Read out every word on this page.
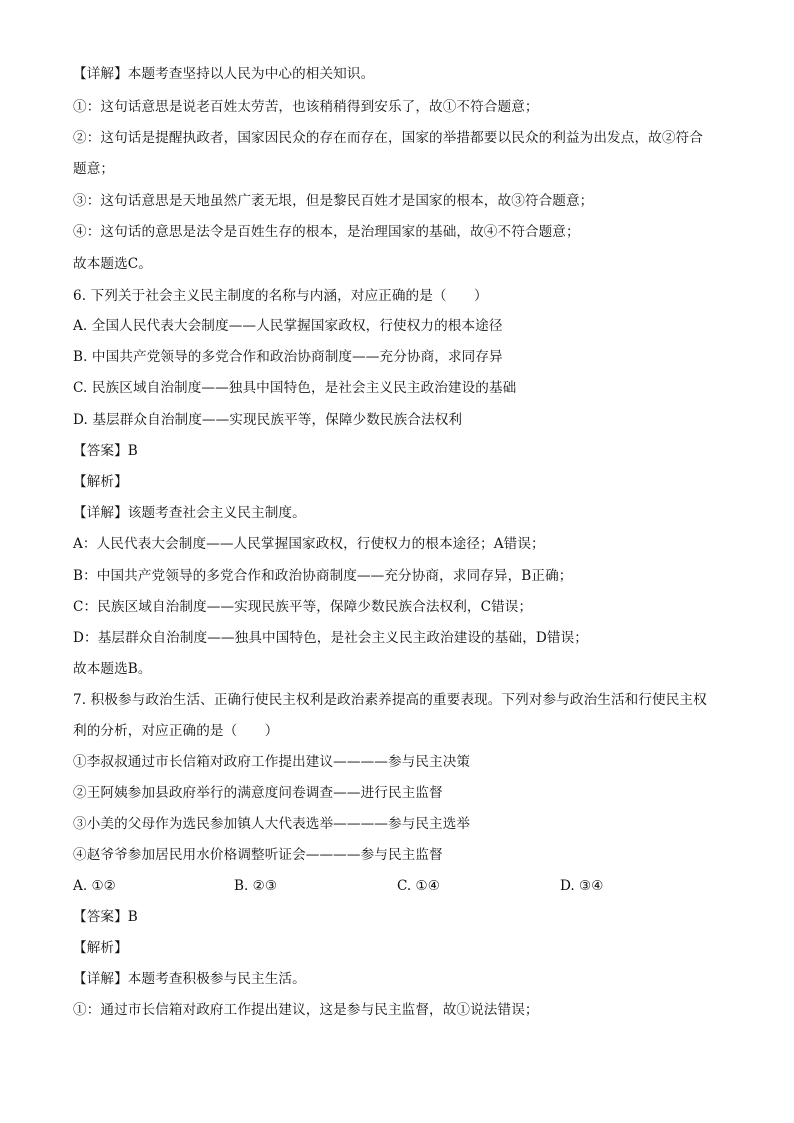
【详解】本题考查坚持以人民为中心的相关知识。
①：这句话意思是说老百姓太劳苦，也该稍稍得到安乐了，故①不符合题意；
②：这句话是提醒执政者，国家因民众的存在而存在，国家的举措都要以民众的利益为出发点，故②符合
题意；
③：这句话意思是天地虽然广袤无垠，但是黎民百姓才是国家的根本，故③符合题意；
④：这句话的意思是法令是百姓生存的根本，是治理国家的基础，故④不符合题意；
故本题选C。
6. 下列关于社会主义民主制度的名称与内涵，对应正确的是（　　）
A. 全国人民代表大会制度——人民掌握国家政权，行使权力的根本途径
B. 中国共产党领导的多党合作和政治协商制度——充分协商，求同存异
C. 民族区域自治制度——独具中国特色，是社会主义民主政治建设的基础
D. 基层群众自治制度——实现民族平等，保障少数民族合法权利
【答案】B
【解析】
【详解】该题考查社会主义民主制度。
A：人民代表大会制度——人民掌握国家政权，行使权力的根本途径；A错误；
B：中国共产党领导的多党合作和政治协商制度——充分协商，求同存异，B正确；
C：民族区域自治制度——实现民族平等，保障少数民族合法权利，C错误；
D：基层群众自治制度——独具中国特色，是社会主义民主政治建设的基础，D错误；
故本题选B。
7. 积极参与政治生活、正确行使民主权利是政治素养提高的重要表现。下列对参与政治生活和行使民主权
利的分析，对应正确的是（　　）
①李叔叔通过市长信箱对政府工作提出建议————参与民主决策
②王阿姨参加县政府举行的满意度问卷调查——进行民主监督
③小美的父母作为选民参加镇人大代表选举————参与民主选举
④赵爷爷参加居民用水价格调整听证会————参与民主监督
A. ①②	B. ②③	C. ①④	D. ③④
【答案】B
【解析】
【详解】本题考查积极参与民主生活。
①：通过市长信箱对政府工作提出建议，这是参与民主监督，故①说法错误；
